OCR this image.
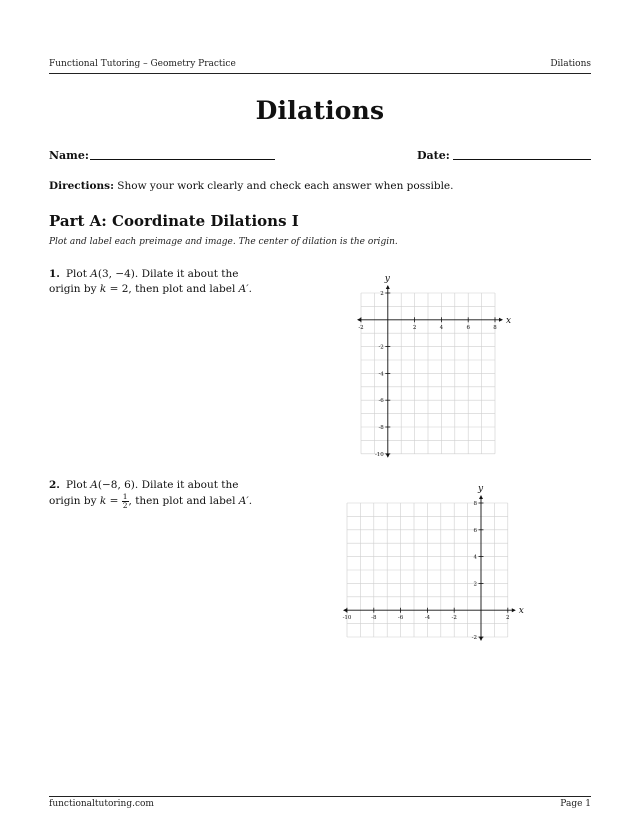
Functional Tutoring – Geometry Practice	Dilations
Dilations
Name:	Date:
Directions: Show your work clearly and check each answer when possible.
Part A: Coordinate Dilations I
Plot and label each preimage and image. The center of dilation is the origin.
1. Plot A(3, −4). Dilate it about the origin by k = 2, then plot and label A′.
2. Plot A(−8, 6). Dilate it about the origin by $k = \frac{1}{2}$ , then plot and label A′.
x
y
-2	2	4	6	8
2
-2
-4
-6
-8
-10
x
y
-10	-8	-6	-4	-2	2
8
6
4
2
-2
functionaltutoring.com	Page 1
